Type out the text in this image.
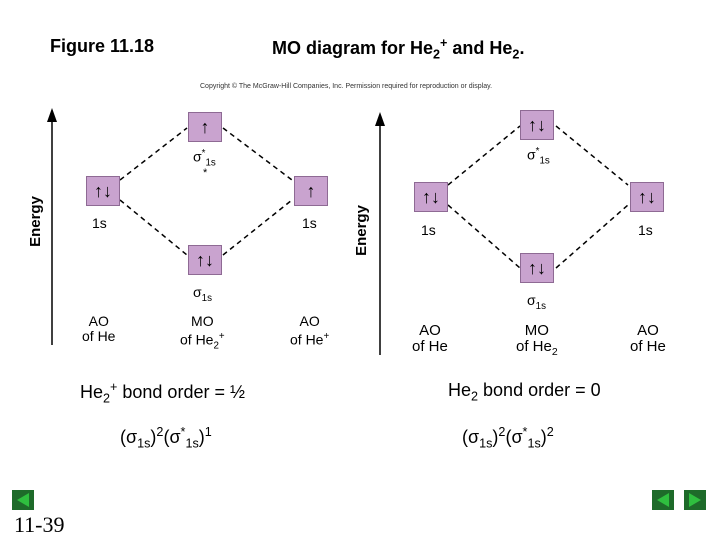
Figure 11.18	MO diagram for $He_2^+$ and $He_2$.
Copyright © The McGraw-Hill Companies, Inc. Permission required for reproduction or display.
Energy
↑
$\sigma^*_{1s}$
*
↑↓
1s
↑
1s
↑↓
$\sigma_{1s}$
AO
of He
MO
of $He_2^+$
AO
of He+
Energy
↑↓
$\sigma^*_{1s}$
↑↓
1s
↑↓
1s
↑↓
$\sigma_{1s}$
AO
of He
MO
of $He_2$
AO
of He
$He_2^+$ bond order = ½	$He_2$ bond order = 0
$(\sigma_{1s})^2(\sigma^*_{1s})^1$	$(\sigma_{1s})^2(\sigma^*_{1s})^2$
11-39
